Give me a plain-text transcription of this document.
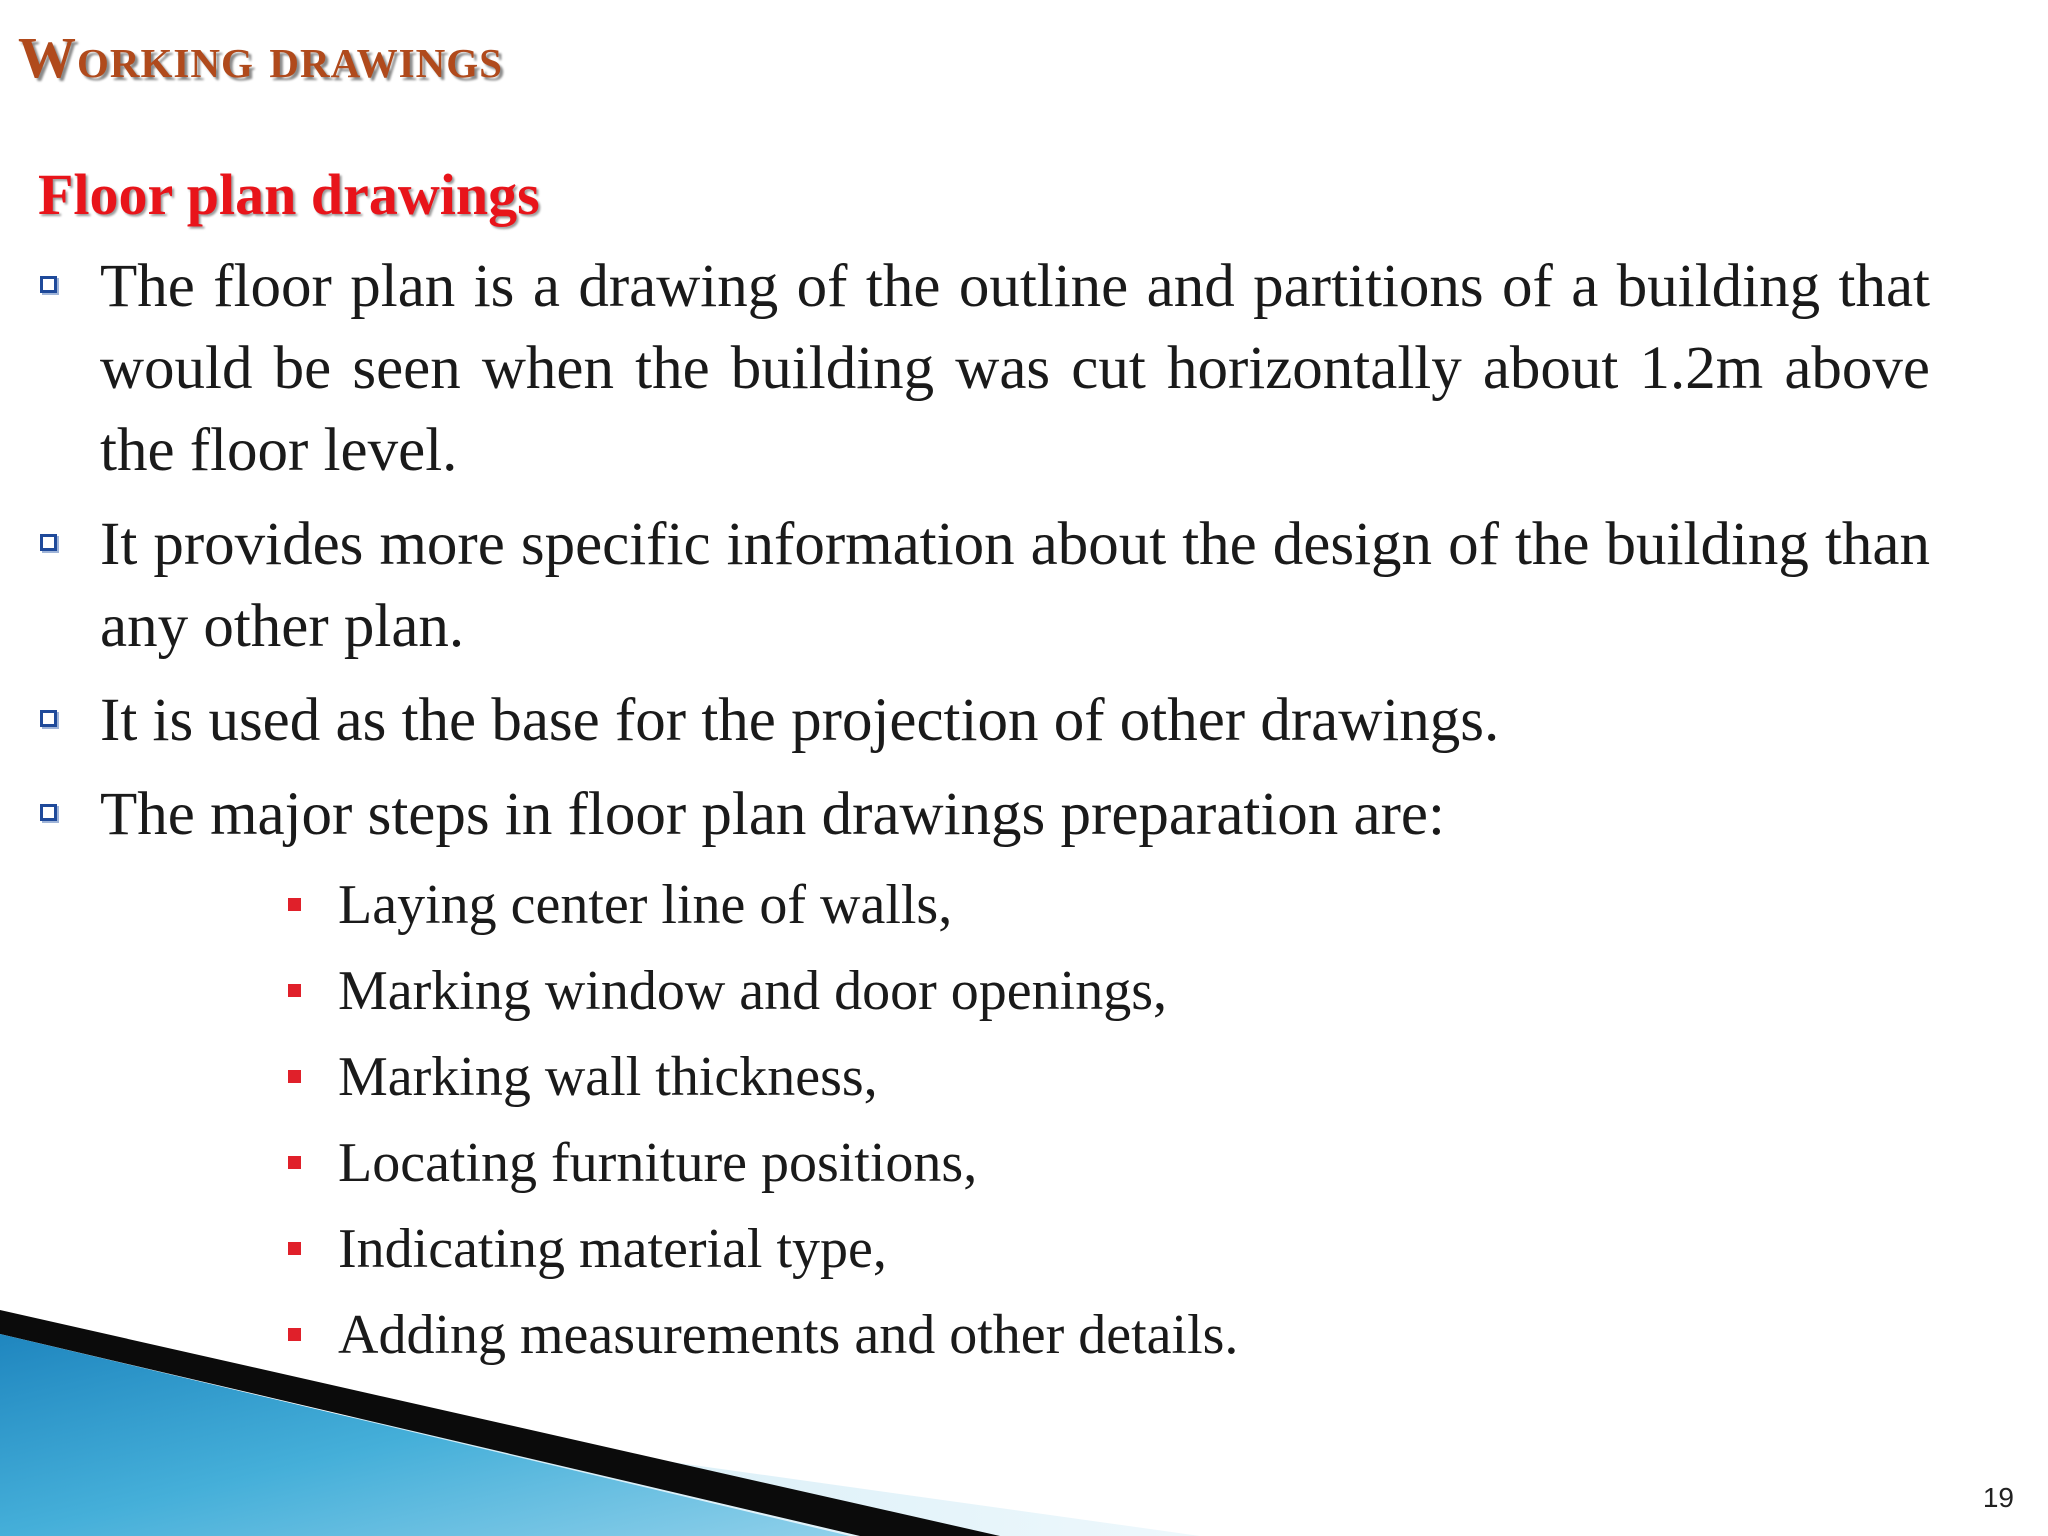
Working drawings
Floor plan drawings
The floor plan is a drawing of the outline and partitions of a building that would be seen when the building was cut horizontally about 1.2m above the floor level.
It provides more specific information about the design of the building than any other plan.
It is used as the base for the projection of other drawings.
The major steps in floor plan drawings preparation are:
Laying center line of walls,
Marking window and door openings,
Marking wall thickness,
Locating furniture positions,
Indicating material type,
Adding measurements and other details.
19
